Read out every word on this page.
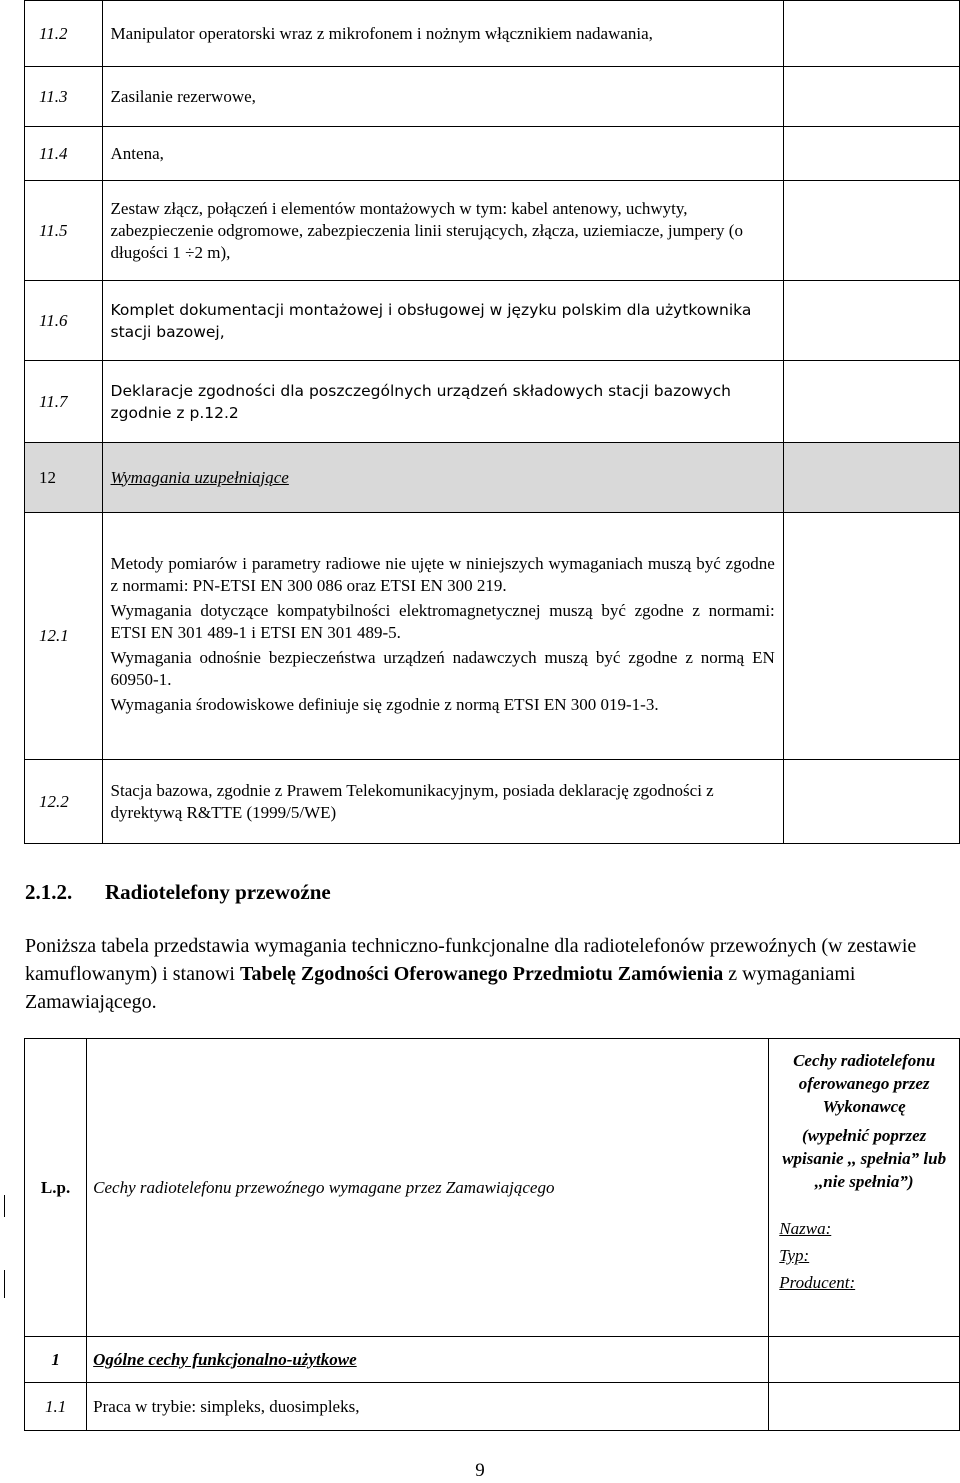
11.2	Manipulator operatorski wraz z mikrofonem i nożnym włącznikiem nadawania,	
11.3	Zasilanie rezerwowe,	
11.4	Antena,	
11.5	Zestaw złącz, połączeń i elementów montażowych w tym: kabel antenowy, uchwyty, zabezpieczenie odgromowe, zabezpieczenia linii sterujących, złącza, uziemiacze, jumpery (o długości 1 ÷2 m),	
11.6	Komplet dokumentacji montażowej i obsługowej w języku polskim dla użytkownika stacji bazowej,	
11.7	Deklaracje zgodności dla poszczególnych urządzeń składowych stacji bazowych zgodnie z p.12.2	
12	Wymagania uzupełniające	
12.1	Metody pomiarów i parametry radiowe nie ujęte w niniejszych wymaganiach muszą być zgodne z normami: PN-ETSI EN 300 086 oraz ETSI EN 300 219.

Wymagania dotyczące kompatybilności elektromagnetycznej muszą być zgodne z normami: ETSI EN 301 489-1 i ETSI EN 301 489-5.

Wymagania odnośnie bezpieczeństwa urządzeń nadawczych muszą być zgodne z normą EN 60950-1.

Wymagania środowiskowe definiuje się zgodnie z normą ETSI EN 300 019-1-3.	

12.2	Stacja bazowa, zgodnie z Prawem Telekomunikacyjnym, posiada deklarację zgodności z dyrektywą R&TTE (1999/5/WE)	
2.1.2. Radiotelefony przewoźne
Poniższa tabela przedstawia wymagania techniczno-funkcjonalne dla radiotelefonów przewoźnych (w zestawie kamuflowanym) i stanowi Tabelę Zgodności Oferowanego Przedmiotu Zamówienia z wymaganiami Zamawiającego.
L.p.	Cechy radiotelefonu przewoźnego wymagane przez Zamawiającego	Cechy radiotelefonu oferowanego przez Wykonawcę
(wypełnić poprzez wpisanie ,, spełnia” lub ,,nie spełnia”)
Nazwa:
Typ:
Producent:

1	Ogólne cechy funkcjonalno-użytkowe	
1.1	Praca w trybie: simpleks, duosimpleks,	
9
